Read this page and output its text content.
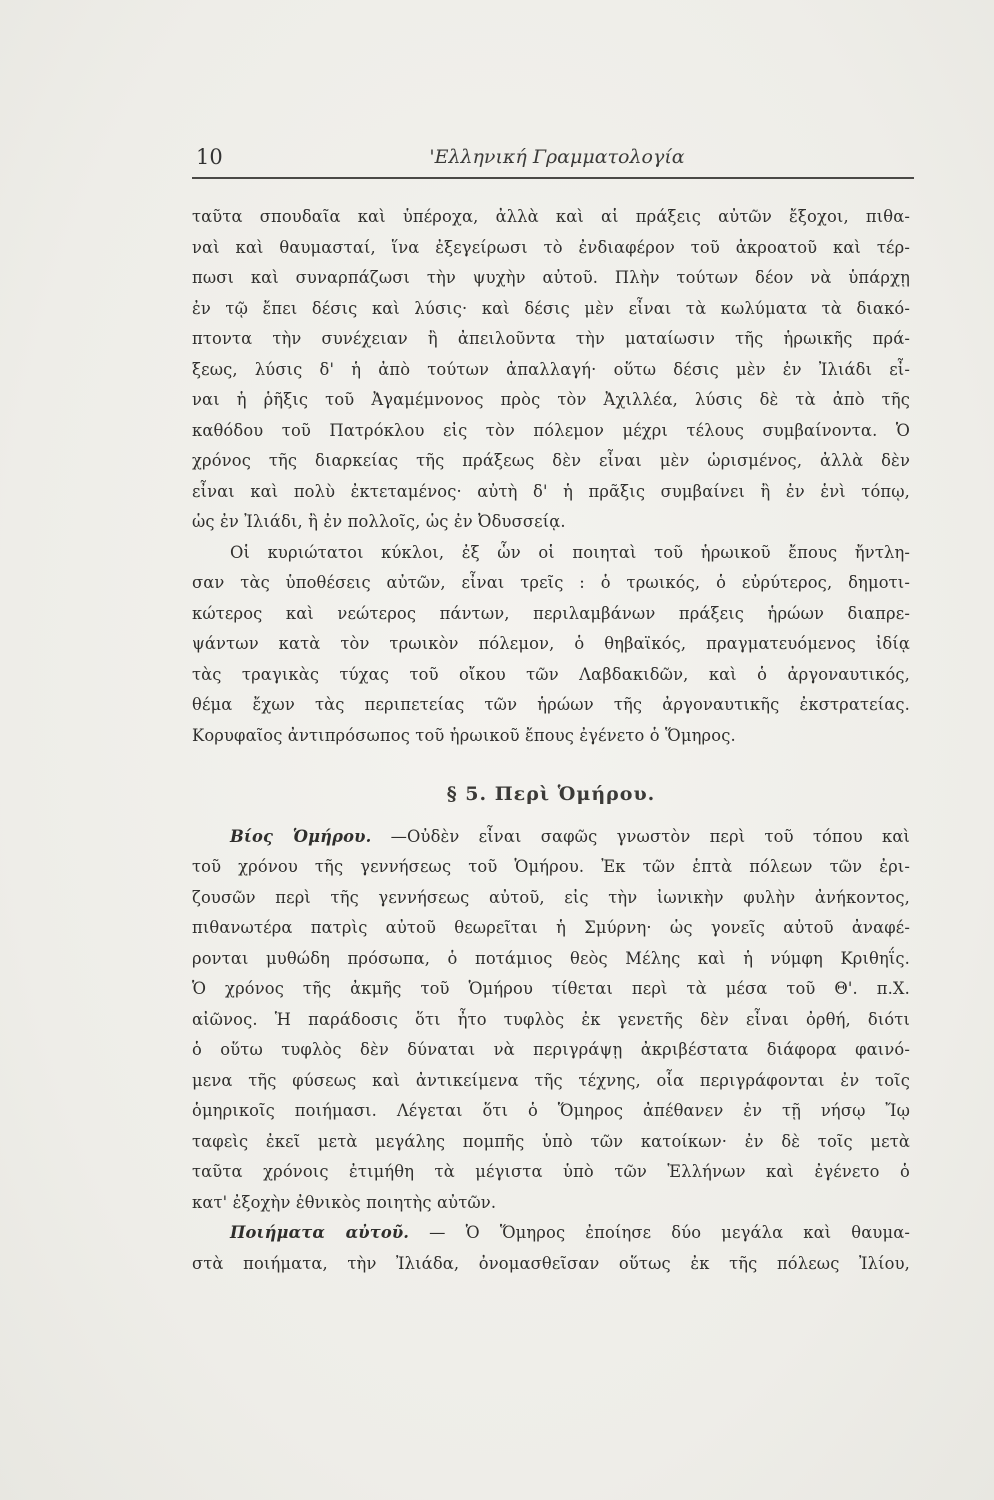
10	'Ελληνική Γραμματολογία
ταῦτα σπουδαῖα καὶ ὑπέροχα, ἀλλὰ καὶ αἱ πράξεις αὐτῶν ἔξοχοι, πιθα-
ναὶ καὶ θαυμασταί, ἵνα ἐξεγείρωσι τὸ ἐνδιαφέρον τοῦ ἀκροατοῦ καὶ τέρ-
πωσι καὶ συναρπάζωσι τὴν ψυχὴν αὐτοῦ. Πλὴν τούτων δέον νὰ ὑπάρχῃ
ἐν τῷ ἔπει δέσις καὶ λύσις· καὶ δέσις μὲν εἶναι τὰ κωλύματα τὰ διακό-
πτοντα τὴν συνέχειαν ἢ ἀπειλοῦντα τὴν ματαίωσιν τῆς ἡρωικῆς πρά-
ξεως, λύσις δ' ἡ ἀπὸ τούτων ἀπαλλαγή· οὕτω δέσις μὲν ἐν Ἰλιάδι εἶ-
ναι ἡ ῥῆξις τοῦ Ἀγαμέμνονος πρὸς τὸν Ἀχιλλέα, λύσις δὲ τὰ ἀπὸ τῆς
καθόδου τοῦ Πατρόκλου εἰς τὸν πόλεμον μέχρι τέλους συμβαίνοντα. Ὁ
χρόνος τῆς διαρκείας τῆς πράξεως δὲν εἶναι μὲν ὡρισμένος, ἀλλὰ δὲν
εἶναι καὶ πολὺ ἐκτεταμένος· αὐτὴ δ' ἡ πρᾶξις συμβαίνει ἢ ἐν ἑνὶ τόπῳ,
ὡς ἐν Ἰλιάδι, ἢ ἐν πολλοῖς, ὡς ἐν Ὀδυσσείᾳ.
Οἱ κυριώτατοι κύκλοι, ἐξ ὧν οἱ ποιηταὶ τοῦ ἡρωικοῦ ἔπους ἤντλη-
σαν τὰς ὑποθέσεις αὐτῶν, εἶναι τρεῖς : ὁ τρωικός, ὁ εὐρύτερος, δημοτι-
κώτερος καὶ νεώτερος πάντων, περιλαμβάνων πράξεις ἡρώων διαπρε-
ψάντων κατὰ τὸν τρωικὸν πόλεμον, ὁ θηβαϊκός, πραγματευόμενος ἰδίᾳ
τὰς τραγικὰς τύχας τοῦ οἴκου τῶν Λαβδακιδῶν, καὶ ὁ ἀργοναυτικός,
θέμα ἔχων τὰς περιπετείας τῶν ἡρώων τῆς ἀργοναυτικῆς ἐκστρατείας.
Κορυφαῖος ἀντιπρόσωπος τοῦ ἡρωικοῦ ἔπους ἐγένετο ὁ Ὅμηρος.
§ 5. Περὶ Ὁμήρου.
Βίος Ὁμήρου. —Οὐδὲν εἶναι σαφῶς γνωστὸν περὶ τοῦ τόπου καὶ
τοῦ χρόνου τῆς γεννήσεως τοῦ Ὁμήρου. Ἐκ τῶν ἑπτὰ πόλεων τῶν ἐρι-
ζουσῶν περὶ τῆς γεννήσεως αὐτοῦ, εἰς τὴν ἰωνικὴν φυλὴν ἀνήκοντος,
πιθανωτέρα πατρὶς αὐτοῦ θεωρεῖται ἡ Σμύρνη· ὡς γονεῖς αὐτοῦ ἀναφέ-
ρονται μυθώδη πρόσωπα, ὁ ποτάμιος θεὸς Μέλης καὶ ἡ νύμφη Κριθηΐς.
Ὁ χρόνος τῆς ἀκμῆς τοῦ Ὁμήρου τίθεται περὶ τὰ μέσα τοῦ Θ'. π.Χ.
αἰῶνος. Ἡ παράδοσις ὅτι ἦτο τυφλὸς ἐκ γενετῆς δὲν εἶναι ὀρθή, διότι
ὁ οὕτω τυφλὸς δὲν δύναται νὰ περιγράψῃ ἀκριβέστατα διάφορα φαινό-
μενα τῆς φύσεως καὶ ἀντικείμενα τῆς τέχνης, οἷα περιγράφονται ἐν τοῖς
ὁμηρικοῖς ποιήμασι. Λέγεται ὅτι ὁ Ὅμηρος ἀπέθανεν ἐν τῇ νήσῳ Ἴῳ
ταφεὶς ἐκεῖ μετὰ μεγάλης πομπῆς ὑπὸ τῶν κατοίκων· ἐν δὲ τοῖς μετὰ
ταῦτα χρόνοις ἐτιμήθη τὰ μέγιστα ὑπὸ τῶν Ἑλλήνων καὶ ἐγένετο ὁ
κατ' ἐξοχὴν ἐθνικὸς ποιητὴς αὐτῶν.
Ποιήματα αὐτοῦ. — Ὁ Ὅμηρος ἐποίησε δύο μεγάλα καὶ θαυμα-
στὰ ποιήματα, τὴν Ἰλιάδα, ὀνομασθεῖσαν οὕτως ἐκ τῆς πόλεως Ἰλίου,
